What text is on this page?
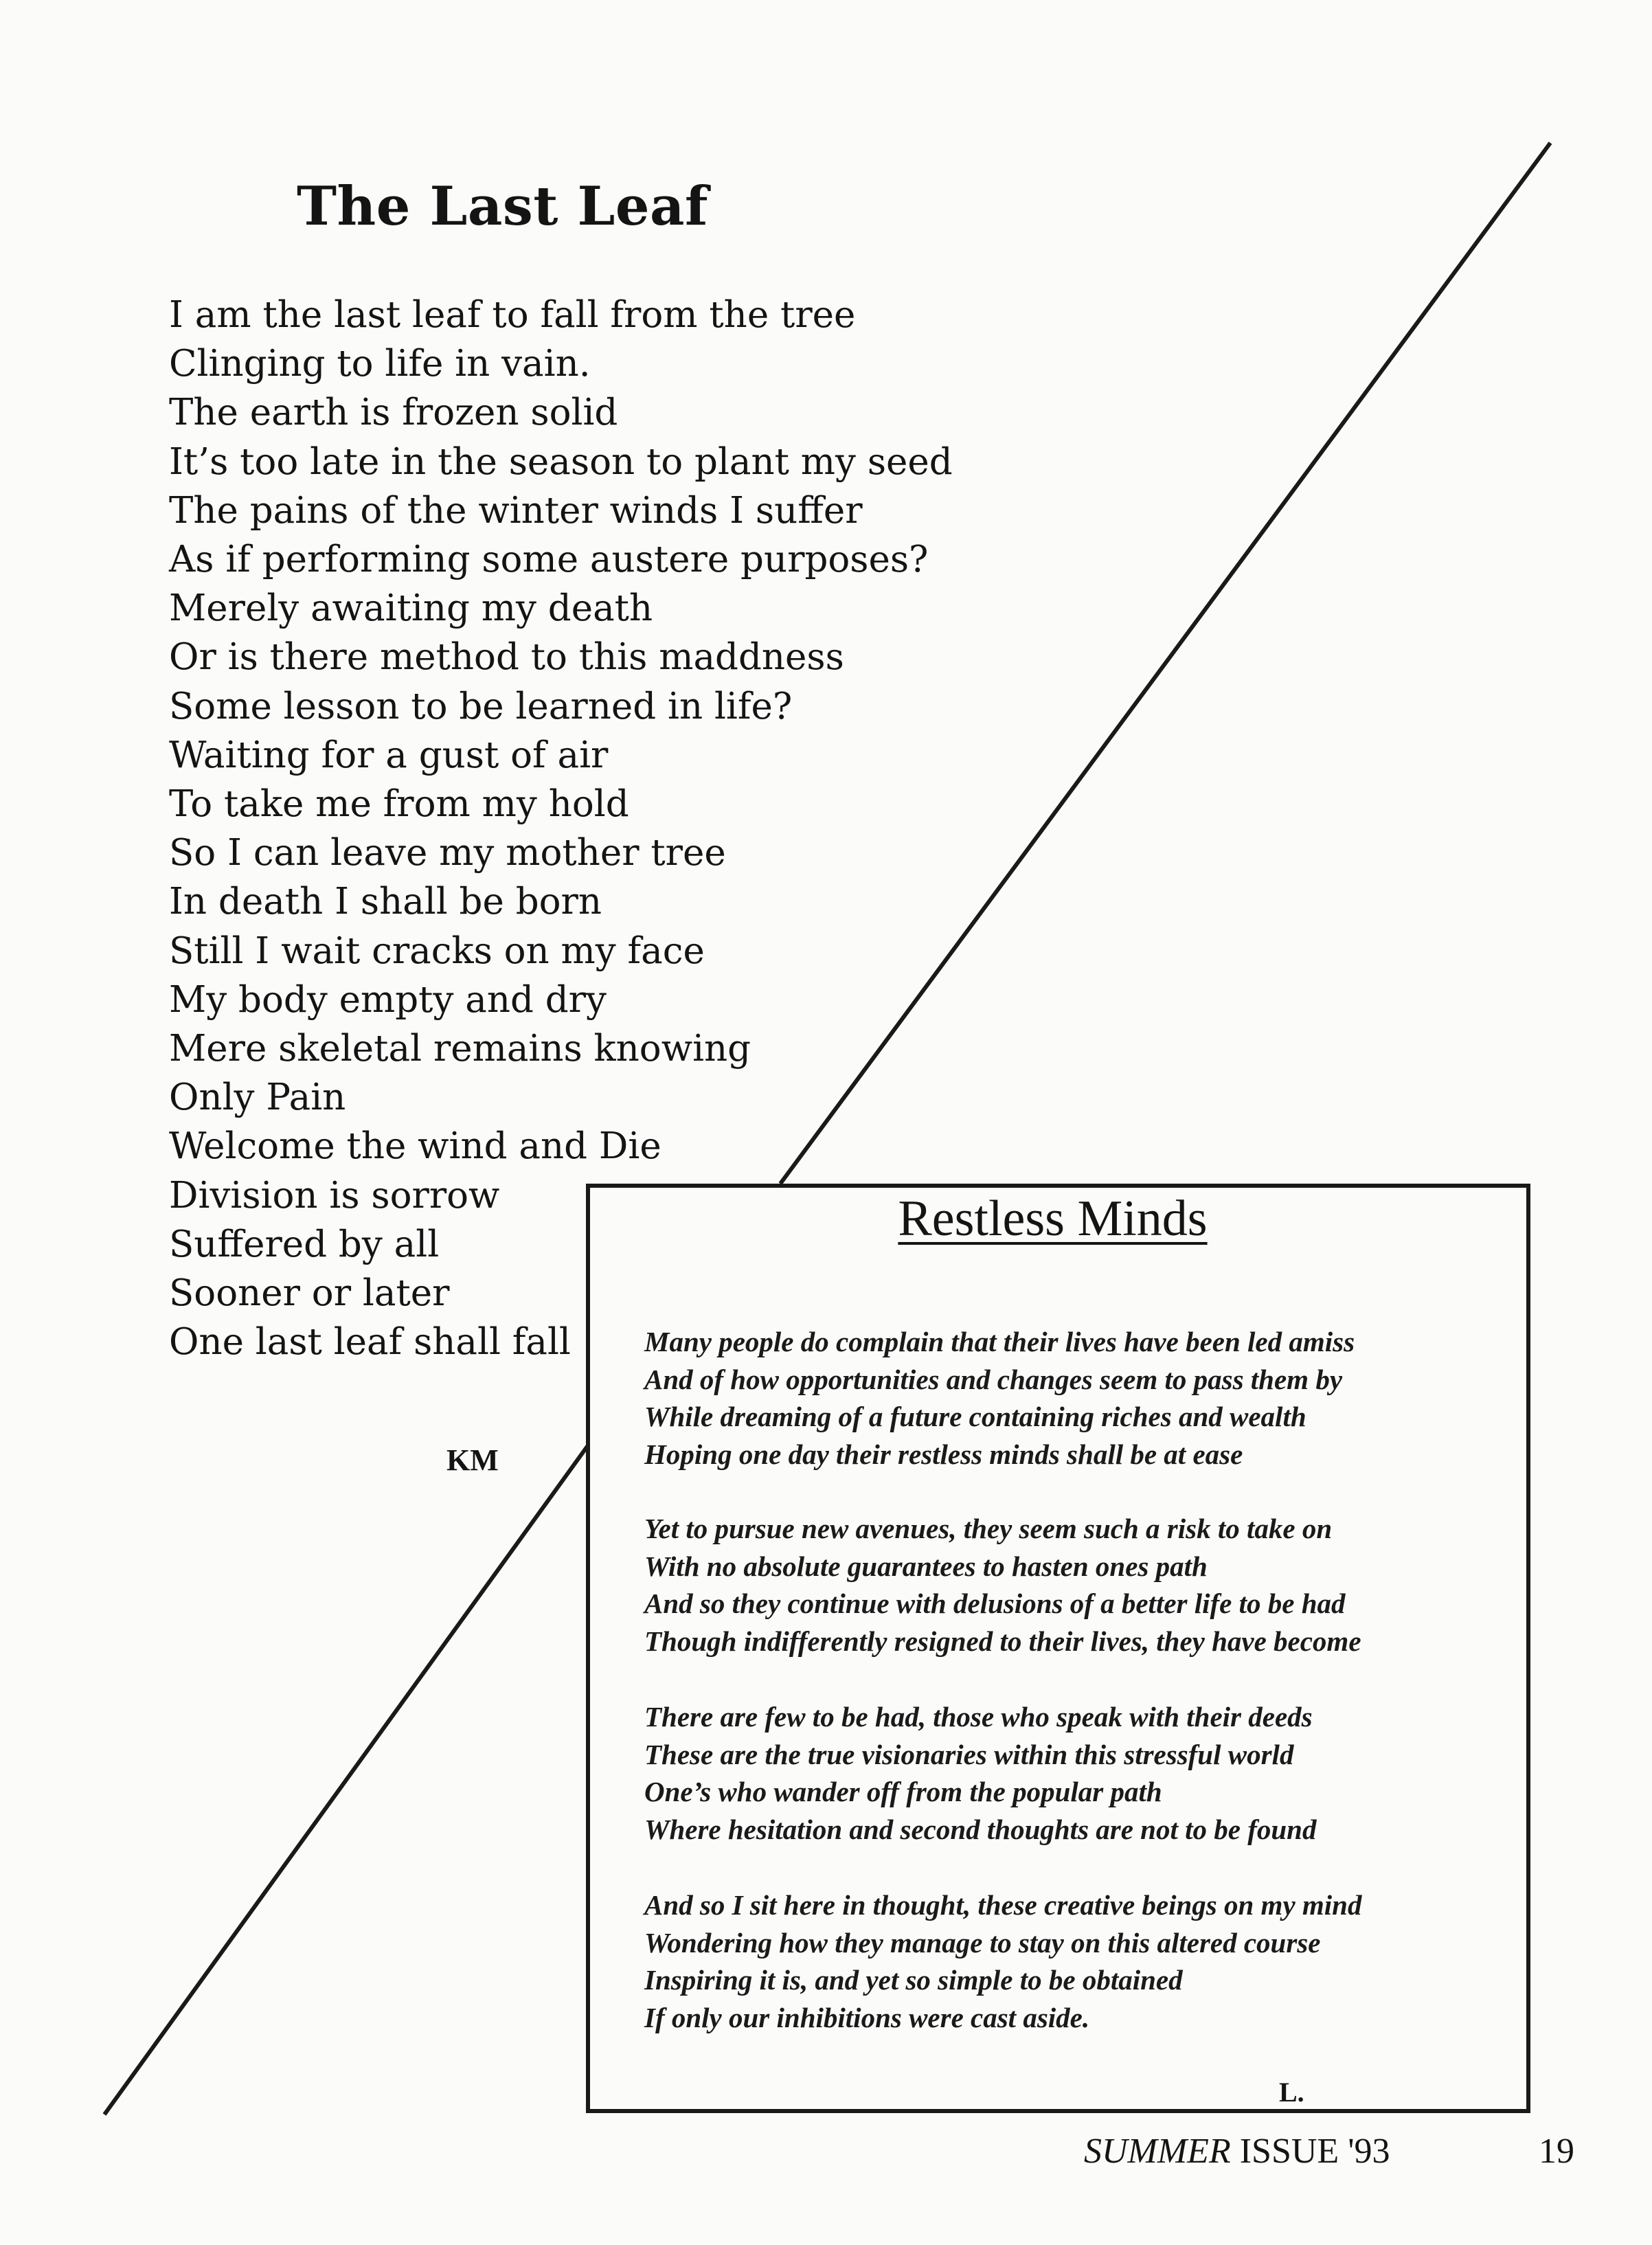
The Last Leaf
I am the last leaf to fall from the tree
Clinging to life in vain.
The earth is frozen solid
It’s too late in the season to plant my seed
The pains of the winter winds I suffer
As if performing some austere purposes?
Merely awaiting my death
Or is there method to this maddness
Some lesson to be learned in life?
Waiting for a gust of air
To take me from my hold
So I can leave my mother tree
In death I shall be born
Still I wait cracks on my face
My body empty and dry
Mere skeletal remains knowing
Only Pain
Welcome the wind and Die
Division is sorrow
Suffered by all
Sooner or later
One last leaf shall fall
KM
Restless Minds
Many people do complain that their lives have been led amiss
And of how opportunities and changes seem to pass them by
While dreaming of a future containing riches and wealth
Hoping one day their restless minds shall be at ease
Yet to pursue new avenues, they seem such a risk to take on
With no absolute guarantees to hasten ones path
And so they continue with delusions of a better life to be had
Though indifferently resigned to their lives, they have become
There are few to be had, those who speak with their deeds
These are the true visionaries within this stressful world
One’s who wander off from the popular path
Where hesitation and second thoughts are not to be found
And so I sit here in thought, these creative beings on my mind
Wondering how they manage to stay on this altered course
Inspiring it is, and yet so simple to be obtained
If only our inhibitions were cast aside.
L.
SUMMER ISSUE '93	19
